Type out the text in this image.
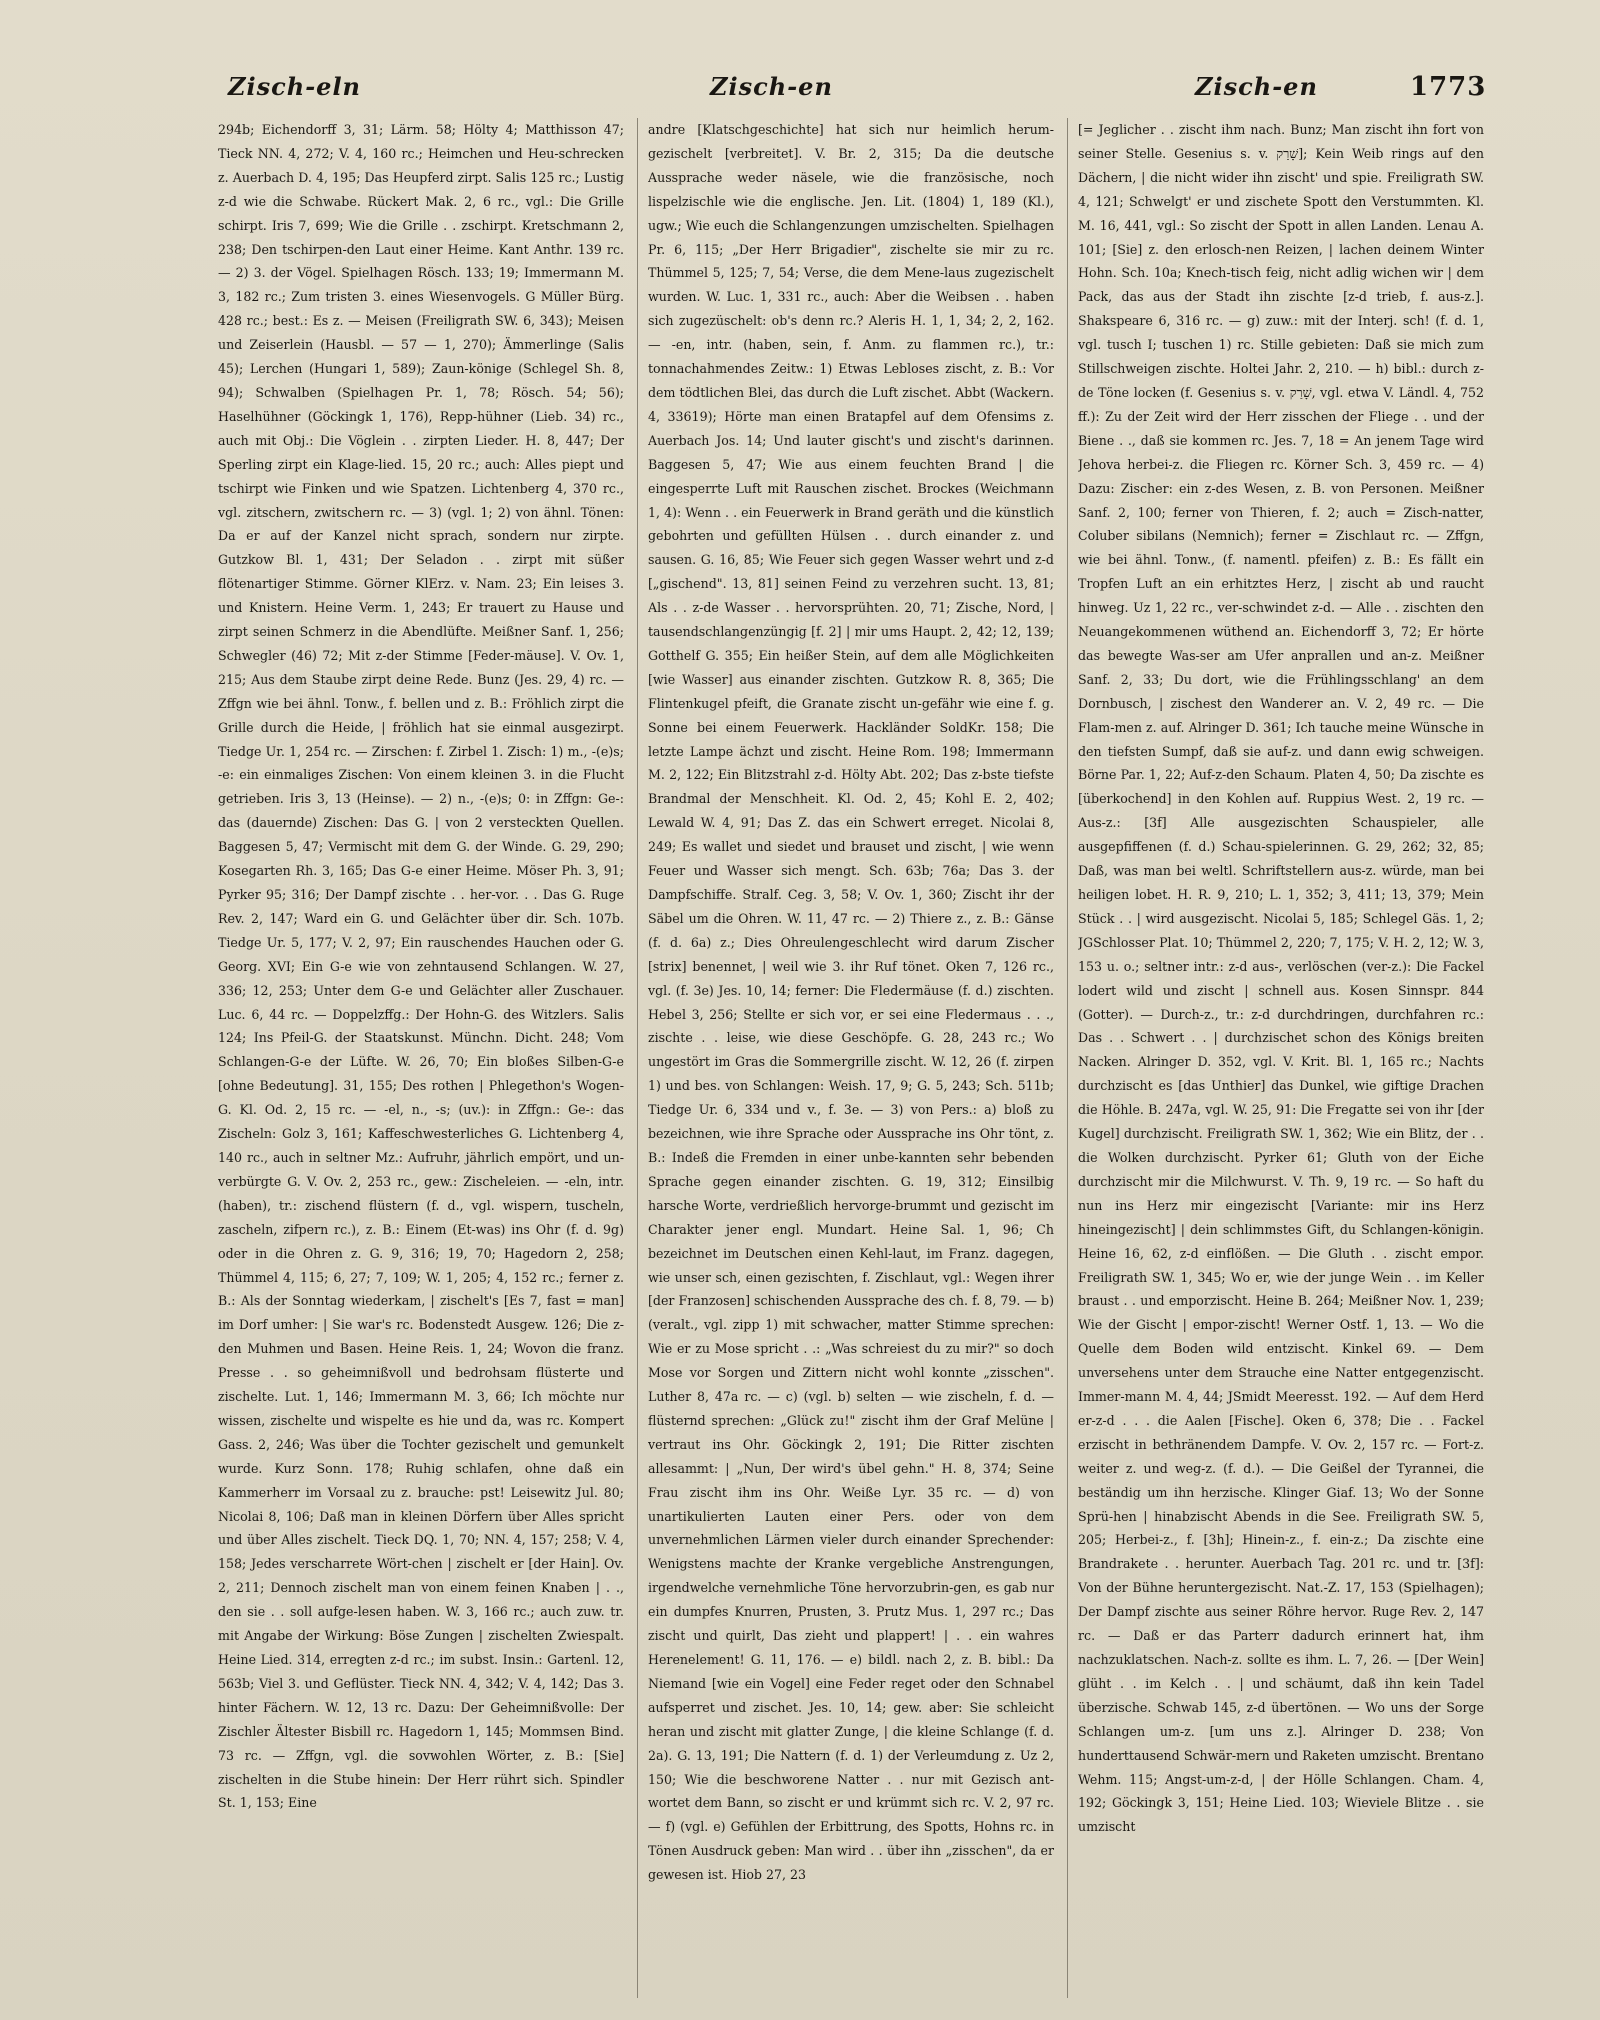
Zisch-eln	Zisch-en	Zisch-en	1773
294b; Eichendorff 3, 31; Lärm. 58; Hölty 4; Matthisson 47; Tieck NN. 4, 272; V. 4, 160 rc.; Heimchen und Heu-schrecken z. Auerbach D. 4, 195; Das Heupferd zirpt. Salis 125 rc.; Lustig z-d wie die Schwabe. Rückert Mak. 2, 6 rc., vgl.: Die Grille schirpt. Iris 7, 699; Wie die Grille . . zschirpt. Kretschmann 2, 238; Den tschirpen-den Laut einer Heime. Kant Anthr. 139 rc. — 2) 3. der Vögel. Spielhagen Rösch. 133; 19; Immermann M. 3, 182 rc.; Zum tristen 3. eines Wiesenvogels. G Müller Bürg. 428 rc.; best.: Es z. — Meisen (Freiligrath SW. 6, 343); Meisen und Zeiserlein (Hausbl. — 57 — 1, 270); Ämmerlinge (Salis 45); Lerchen (Hungari 1, 589); Zaun-könige (Schlegel Sh. 8, 94); Schwalben (Spielhagen Pr. 1, 78; Rösch. 54; 56); Haselhühner (Göckingk 1, 176), Repp-hühner (Lieb. 34) rc., auch mit Obj.: Die Vöglein . . zirpten Lieder. H. 8, 447; Der Sperling zirpt ein Klage-lied. 15, 20 rc.; auch: Alles piept und tschirpt wie Finken und wie Spatzen. Lichtenberg 4, 370 rc., vgl. zitschern, zwitschern rc. — 3) (vgl. 1; 2) von ähnl. Tönen: Da er auf der Kanzel nicht sprach, sondern nur zirpte. Gutzkow Bl. 1, 431; Der Seladon . . zirpt mit süßer flötenartiger Stimme. Görner KlErz. v. Nam. 23; Ein leises 3. und Knistern. Heine Verm. 1, 243; Er trauert zu Hause und zirpt seinen Schmerz in die Abendlüfte. Meißner Sanf. 1, 256; Schwegler (46) 72; Mit z-der Stimme [Feder-mäuse]. V. Ov. 1, 215; Aus dem Staube zirpt deine Rede. Bunz (Jes. 29, 4) rc. — Zffgn wie bei ähnl. Tonw., f. bellen und z. B.: Fröhlich zirpt die Grille durch die Heide, | fröhlich hat sie einmal ausgezirpt. Tiedge Ur. 1, 254 rc. — Zirschen: f. Zirbel 1. Zisch: 1) m., -(e)s; -e: ein einmaliges Zischen: Von einem kleinen 3. in die Flucht getrieben. Iris 3, 13 (Heinse). — 2) n., -(e)s; 0: in Zffgn: Ge-: das (dauernde) Zischen: Das G. | von 2 versteckten Quellen. Baggesen 5, 47; Vermischt mit dem G. der Winde. G. 29, 290; Kosegarten Rh. 3, 165; Das G-e einer Heime. Möser Ph. 3, 91; Pyrker 95; 316; Der Dampf zischte . . her-vor. . . Das G. Ruge Rev. 2, 147; Ward ein G. und Gelächter über dir. Sch. 107b. Tiedge Ur. 5, 177; V. 2, 97; Ein rauschendes Hauchen oder G. Georg. XVI; Ein G-e wie von zehntausend Schlangen. W. 27, 336; 12, 253; Unter dem G-e und Gelächter aller Zuschauer. Luc. 6, 44 rc. — Doppelzffg.: Der Hohn-G. des Witzlers. Salis 124; Ins Pfeil-G. der Staatskunst. Münchn. Dicht. 248; Vom Schlangen-G-e der Lüfte. W. 26, 70; Ein bloßes Silben-G-e [ohne Bedeutung]. 31, 155; Des rothen | Phlegethon's Wogen-G. Kl. Od. 2, 15 rc. — -el, n., -s; (uv.): in Zffgn.: Ge-: das Zischeln: Golz 3, 161; Kaffeschwesterliches G. Lichtenberg 4, 140 rc., auch in seltner Mz.: Aufruhr, jährlich empört, und un-verbürgte G. V. Ov. 2, 253 rc., gew.: Zischeleien. — -eln, intr. (haben), tr.: zischend flüstern (f. d., vgl. wispern, tuscheln, zascheln, zifpern rc.), z. B.: Einem (Et-was) ins Ohr (f. d. 9g) oder in die Ohren z. G. 9, 316; 19, 70; Hagedorn 2, 258; Thümmel 4, 115; 6, 27; 7, 109; W. 1, 205; 4, 152 rc.; ferner z. B.: Als der Sonntag wiederkam, | zischelt's [Es 7, fast = man] im Dorf umher: | Sie war's rc. Bodenstedt Ausgew. 126; Die z-den Muhmen und Basen. Heine Reis. 1, 24; Wovon die franz. Presse . . so geheimnißvoll und bedrohsam flüsterte und zischelte. Lut. 1, 146; Immermann M. 3, 66; Ich möchte nur wissen, zischelte und wispelte es hie und da, was rc. Kompert Gass. 2, 246; Was über die Tochter gezischelt und gemunkelt wurde. Kurz Sonn. 178; Ruhig schlafen, ohne daß ein Kammerherr im Vorsaal zu z. brauche: pst! Leisewitz Jul. 80; Nicolai 8, 106; Daß man in kleinen Dörfern über Alles spricht und über Alles zischelt. Tieck DQ. 1, 70; NN. 4, 157; 258; V. 4, 158; Jedes verscharrete Wört-chen | zischelt er [der Hain]. Ov. 2, 211; Dennoch zischelt man von einem feinen Knaben | . ., den sie . . soll aufge-lesen haben. W. 3, 166 rc.; auch zuw. tr. mit Angabe der Wirkung: Böse Zungen | zischelten Zwiespalt. Heine Lied. 314, erregten z-d rc.; im subst. Insin.: Gartenl. 12, 563b; Viel 3. und Geflüster. Tieck NN. 4, 342; V. 4, 142; Das 3. hinter Fächern. W. 12, 13 rc. Dazu: Der Geheimnißvolle: Der Zischler Ältester Bisbill rc. Hagedorn 1, 145; Mommsen Bind. 73 rc. — Zffgn, vgl. die sovwohlen Wörter, z. B.: [Sie] zischelten in die Stube hinein: Der Herr rührt sich. Spindler St. 1, 153; Eine
andre [Klatschgeschichte] hat sich nur heimlich herum-gezischelt [verbreitet]. V. Br. 2, 315; Da die deutsche Aussprache weder näsele, wie die französische, noch lispelzischle wie die englische. Jen. Lit. (1804) 1, 189 (Kl.), ugw.; Wie euch die Schlangenzungen umzischelten. Spielhagen Pr. 6, 115; „Der Herr Brigadier", zischelte sie mir zu rc. Thümmel 5, 125; 7, 54; Verse, die dem Mene-laus zugezischelt wurden. W. Luc. 1, 331 rc., auch: Aber die Weibsen . . haben sich zugezüschelt: ob's denn rc.? Aleris H. 1, 1, 34; 2, 2, 162. — -en, intr. (haben, sein, f. Anm. zu flammen rc.), tr.: tonnachahmendes Zeitw.: 1) Etwas Lebloses zischt, z. B.: Vor dem tödtlichen Blei, das durch die Luft zischet. Abbt (Wackern. 4, 33619); Hörte man einen Bratapfel auf dem Ofensims z. Auerbach Jos. 14; Und lauter gischt's und zischt's darinnen. Baggesen 5, 47; Wie aus einem feuchten Brand | die eingesperrte Luft mit Rauschen zischet. Brockes (Weichmann 1, 4): Wenn . . ein Feuerwerk in Brand geräth und die künstlich gebohrten und gefüllten Hülsen . . durch einander z. und sausen. G. 16, 85; Wie Feuer sich gegen Wasser wehrt und z-d [„gischend". 13, 81] seinen Feind zu verzehren sucht. 13, 81; Als . . z-de Wasser . . hervorsprühten. 20, 71; Zische, Nord, | tausendschlangenzüngig [f. 2] | mir ums Haupt. 2, 42; 12, 139; Gotthelf G. 355; Ein heißer Stein, auf dem alle Möglichkeiten [wie Wasser] aus einander zischten. Gutzkow R. 8, 365; Die Flintenkugel pfeift, die Granate zischt un-gefähr wie eine f. g. Sonne bei einem Feuerwerk. Hackländer SoldKr. 158; Die letzte Lampe ächzt und zischt. Heine Rom. 198; Immermann M. 2, 122; Ein Blitzstrahl z-d. Hölty Abt. 202; Das z-bste tiefste Brandmal der Menschheit. Kl. Od. 2, 45; Kohl E. 2, 402; Lewald W. 4, 91; Das Z. das ein Schwert erreget. Nicolai 8, 249; Es wallet und siedet und brauset und zischt, | wie wenn Feuer und Wasser sich mengt. Sch. 63b; 76a; Das 3. der Dampfschiffe. Stralf. Ceg. 3, 58; V. Ov. 1, 360; Zischt ihr der Säbel um die Ohren. W. 11, 47 rc. — 2) Thiere z., z. B.: Gänse (f. d. 6a) z.; Dies Ohreulengeschlecht wird darum Zischer [strix] benennet, | weil wie 3. ihr Ruf tönet. Oken 7, 126 rc., vgl. (f. 3e) Jes. 10, 14; ferner: Die Fledermäuse (f. d.) zischten. Hebel 3, 256; Stellte er sich vor, er sei eine Fledermaus . . ., zischte . . leise, wie diese Geschöpfe. G. 28, 243 rc.; Wo ungestört im Gras die Sommergrille zischt. W. 12, 26 (f. zirpen 1) und bes. von Schlangen: Weish. 17, 9; G. 5, 243; Sch. 511b; Tiedge Ur. 6, 334 und v., f. 3e. — 3) von Pers.: a) bloß zu bezeichnen, wie ihre Sprache oder Aussprache ins Ohr tönt, z. B.: Indeß die Fremden in einer unbe-kannten sehr bebenden Sprache gegen einander zischten. G. 19, 312; Einsilbig harsche Worte, verdrießlich hervorge-brummt und gezischt im Charakter jener engl. Mundart. Heine Sal. 1, 96; Ch bezeichnet im Deutschen einen Kehl-laut, im Franz. dagegen, wie unser sch, einen gezischten, f. Zischlaut, vgl.: Wegen ihrer [der Franzosen] schischenden Aussprache des ch. f. 8, 79. — b) (veralt., vgl. zipp 1) mit schwacher, matter Stimme sprechen: Wie er zu Mose spricht . .: „Was schreiest du zu mir?" so doch Mose vor Sorgen und Zittern nicht wohl konnte „zisschen". Luther 8, 47a rc. — c) (vgl. b) selten — wie zischeln, f. d. — flüsternd sprechen: „Glück zu!" zischt ihm der Graf Melüne | vertraut ins Ohr. Göckingk 2, 191; Die Ritter zischten allesammt: | „Nun, Der wird's übel gehn." H. 8, 374; Seine Frau zischt ihm ins Ohr. Weiße Lyr. 35 rc. — d) von unartikulierten Lauten einer Pers. oder von dem unvernehmlichen Lärmen vieler durch einander Sprechender: Wenigstens machte der Kranke vergebliche Anstrengungen, irgendwelche vernehmliche Töne hervorzubrin-gen, es gab nur ein dumpfes Knurren, Prusten, 3. Prutz Mus. 1, 297 rc.; Das zischt und quirlt, Das zieht und plappert! | . . ein wahres Herenelement! G. 11, 176. — e) bildl. nach 2, z. B. bibl.: Da Niemand [wie ein Vogel] eine Feder reget oder den Schnabel aufsperret und zischet. Jes. 10, 14; gew. aber: Sie schleicht heran und zischt mit glatter Zunge, | die kleine Schlange (f. d. 2a). G. 13, 191; Die Nattern (f. d. 1) der Verleumdung z. Uz 2, 150; Wie die beschworene Natter . . nur mit Gezisch ant-wortet dem Bann, so zischt er und krümmt sich rc. V. 2, 97 rc. — f) (vgl. e) Gefühlen der Erbittrung, des Spotts, Hohns rc. in Tönen Ausdruck geben: Man wird . . über ihn „zisschen", da er gewesen ist. Hiob 27, 23
[= Jeglicher . . zischt ihm nach. Bunz; Man zischt ihn fort von seiner Stelle. Gesenius s. v. שָׁרַק]; Kein Weib rings auf den Dächern, | die nicht wider ihn zischt' und spie. Freiligrath SW. 4, 121; Schwelgt' er und zischete Spott den Verstummten. Kl. M. 16, 441, vgl.: So zischt der Spott in allen Landen. Lenau A. 101; [Sie] z. den erlosch-nen Reizen, | lachen deinem Winter Hohn. Sch. 10a; Knech-tisch feig, nicht adlig wichen wir | dem Pack, das aus der Stadt ihn zischte [z-d trieb, f. aus-z.]. Shakspeare 6, 316 rc. — g) zuw.: mit der Interj. sch! (f. d. 1, vgl. tusch I; tuschen 1) rc. Stille gebieten: Daß sie mich zum Stillschweigen zischte. Holtei Jahr. 2, 210. — h) bibl.: durch z-de Töne locken (f. Gesenius s. v. שָׁרַק, vgl. etwa V. Ländl. 4, 752 ff.): Zu der Zeit wird der Herr zisschen der Fliege . . und der Biene . ., daß sie kommen rc. Jes. 7, 18 = An jenem Tage wird Jehova herbei-z. die Fliegen rc. Körner Sch. 3, 459 rc. — 4) Dazu: Zischer: ein z-des Wesen, z. B. von Personen. Meißner Sanf. 2, 100; ferner von Thieren, f. 2; auch = Zisch-natter, Coluber sibilans (Nemnich); ferner = Zischlaut rc. — Zffgn, wie bei ähnl. Tonw., (f. namentl. pfeifen) z. B.: Es fällt ein Tropfen Luft an ein erhitztes Herz, | zischt ab und raucht hinweg. Uz 1, 22 rc., ver-schwindet z-d. — Alle . . zischten den Neuangekommenen wüthend an. Eichendorff 3, 72; Er hörte das bewegte Was-ser am Ufer anprallen und an-z. Meißner Sanf. 2, 33; Du dort, wie die Frühlingsschlang' an dem Dornbusch, | zischest den Wanderer an. V. 2, 49 rc. — Die Flam-men z. auf. Alringer D. 361; Ich tauche meine Wünsche in den tiefsten Sumpf, daß sie auf-z. und dann ewig schweigen. Börne Par. 1, 22; Auf-z-den Schaum. Platen 4, 50; Da zischte es [überkochend] in den Kohlen auf. Ruppius West. 2, 19 rc. — Aus-z.: [3f] Alle ausgezischten Schauspieler, alle ausgepfiffenen (f. d.) Schau-spielerinnen. G. 29, 262; 32, 85; Daß, was man bei weltl. Schriftstellern aus-z. würde, man bei heiligen lobet. H. R. 9, 210; L. 1, 352; 3, 411; 13, 379; Mein Stück . . | wird ausgezischt. Nicolai 5, 185; Schlegel Gäs. 1, 2; JGSchlosser Plat. 10; Thümmel 2, 220; 7, 175; V. H. 2, 12; W. 3, 153 u. o.; seltner intr.: z-d aus-, verlöschen (ver-z.): Die Fackel lodert wild und zischt | schnell aus. Kosen Sinnspr. 844 (Gotter). — Durch-z., tr.: z-d durchdringen, durchfahren rc.: Das . . Schwert . . | durchzischet schon des Königs breiten Nacken. Alringer D. 352, vgl. V. Krit. Bl. 1, 165 rc.; Nachts durchzischt es [das Unthier] das Dunkel, wie giftige Drachen die Höhle. B. 247a, vgl. W. 25, 91: Die Fregatte sei von ihr [der Kugel] durchzischt. Freiligrath SW. 1, 362; Wie ein Blitz, der . . die Wolken durchzischt. Pyrker 61; Gluth von der Eiche durchzischt mir die Milchwurst. V. Th. 9, 19 rc. — So haft du nun ins Herz mir eingezischt [Variante: mir ins Herz hineingezischt] | dein schlimmstes Gift, du Schlangen-königin. Heine 16, 62, z-d einflößen. — Die Gluth . . zischt empor. Freiligrath SW. 1, 345; Wo er, wie der junge Wein . . im Keller braust . . und emporzischt. Heine B. 264; Meißner Nov. 1, 239; Wie der Gischt | empor-zischt! Werner Ostf. 1, 13. — Wo die Quelle dem Boden wild entzischt. Kinkel 69. — Dem unversehens unter dem Strauche eine Natter entgegenzischt. Immer-mann M. 4, 44; JSmidt Meeresst. 192. — Auf dem Herd er-z-d . . . die Aalen [Fische]. Oken 6, 378; Die . . Fackel erzischt in bethränendem Dampfe. V. Ov. 2, 157 rc. — Fort-z. weiter z. und weg-z. (f. d.). — Die Geißel der Tyrannei, die beständig um ihn herzische. Klinger Giaf. 13; Wo der Sonne Sprü-hen | hinabzischt Abends in die See. Freiligrath SW. 5, 205; Herbei-z., f. [3h]; Hinein-z., f. ein-z.; Da zischte eine Brandrakete . . herunter. Auerbach Tag. 201 rc. und tr. [3f]: Von der Bühne heruntergezischt. Nat.-Z. 17, 153 (Spielhagen); Der Dampf zischte aus seiner Röhre hervor. Ruge Rev. 2, 147 rc. — Daß er das Parterr dadurch erinnert hat, ihm nachzuklatschen. Nach-z. sollte es ihm. L. 7, 26. — [Der Wein] glüht . . im Kelch . . | und schäumt, daß ihn kein Tadel überzische. Schwab 145, z-d übertönen. — Wo uns der Sorge Schlangen um-z. [um uns z.]. Alringer D. 238; Von hunderttausend Schwär-mern und Raketen umzischt. Brentano Wehm. 115; Angst-um-z-d, | der Hölle Schlangen. Cham. 4, 192; Göckingk 3, 151; Heine Lied. 103; Wieviele Blitze . . sie umzischt
